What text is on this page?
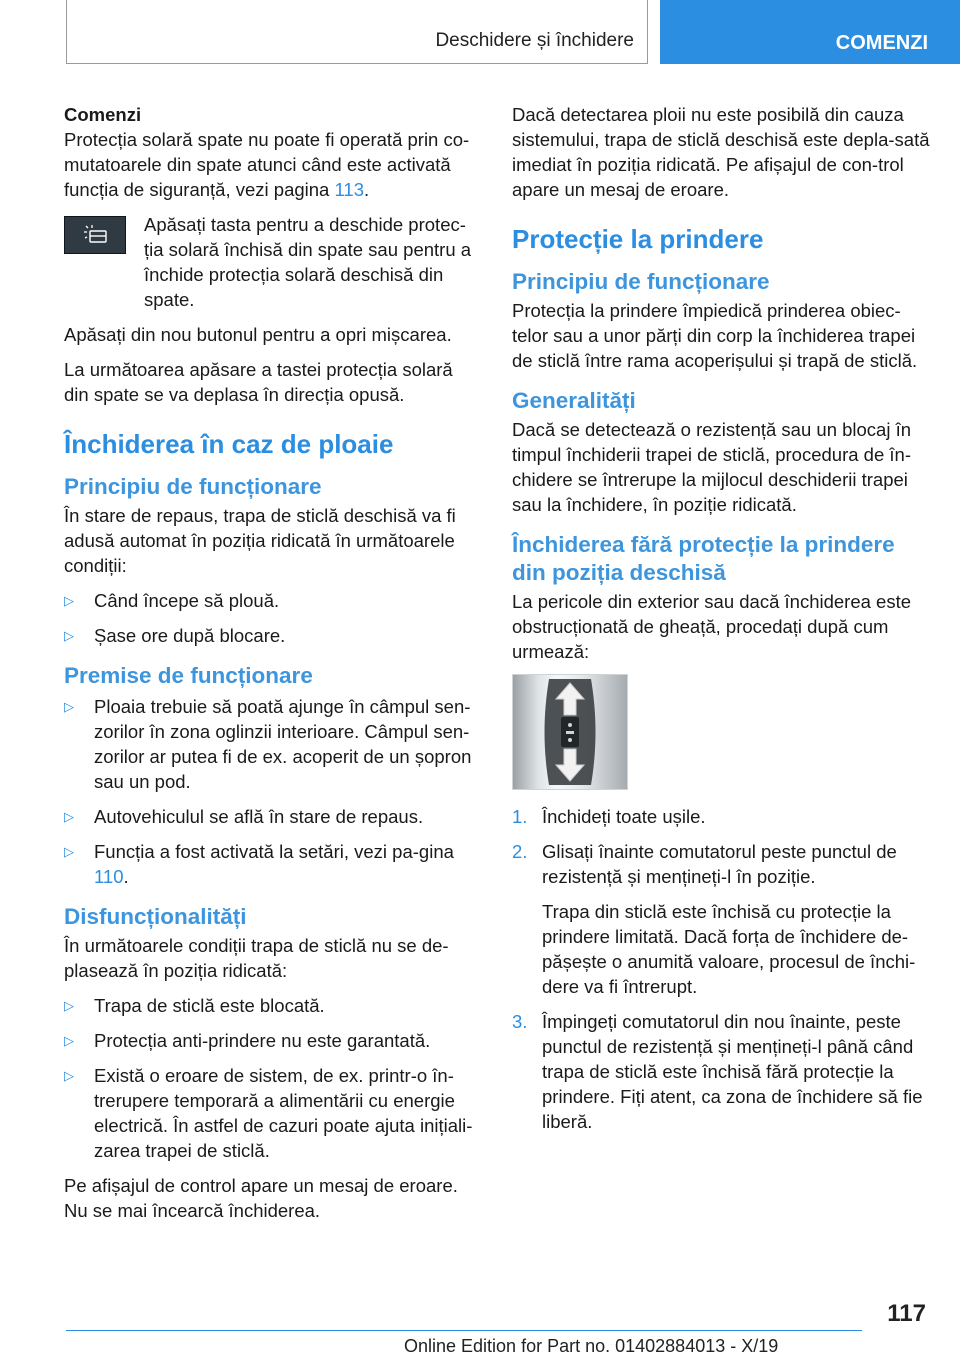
Deschidere și închidere	COMENZI
Comenzi

Protecția solară spate nu poate fi operată prin co‐mutatoarele din spate atunci când este activată funcția de siguranță, vezi pagina 113.

Apăsați tasta pentru a deschide protec‐ția solară închisă din spate sau pentru a închide protecția solară deschisă din spate.

Apăsați din nou butonul pentru a opri mișcarea.

La următoarea apăsare a tastei protecția solară din spate se va deplasa în direcția opusă.

Închiderea în caz de ploaie
Principiu de funcționare

În stare de repaus, trapa de sticlă deschisă va fi adusă automat în poziția ridicată în următoarele condiții:

▷ Când începe să plouă.
▷ Șase ore după blocare.
Premise de funcționare
▷ Ploaia trebuie să poată ajunge în câmpul sen‐zorilor în zona oglinzii interioare. Câmpul sen‐zorilor ar putea fi de ex. acoperit de un șopron sau un pod.
▷ Autovehiculul se află în stare de repaus.
▷ Funcția a fost activată la setări, vezi pa‐gina 110.
Disfuncționalități

În următoarele condiții trapa de sticlă nu se de‐plasează în poziția ridicată:

▷ Trapa de sticlă este blocată.
▷ Protecția anti-prindere nu este garantată.
▷ Există o eroare de sistem, de ex. printr-o în‐trerupere temporară a alimentării cu energie electrică. În astfel de cazuri poate ajuta inițiali‐zarea trapei de sticlă.

Pe afișajul de control apare un mesaj de eroare. Nu se mai încearcă închiderea.

Dacă detectarea ploii nu este posibilă din cauza sistemului, trapa de sticlă deschisă este depla‐sată imediat în poziția ridicată. Pe afișajul de con‐trol apare un mesaj de eroare.

Protecție la prindere
Principiu de funcționare

Protecția la prindere împiedică prinderea obiec‐telor sau a unor părți din corp la închiderea trapei de sticlă între rama acoperișului și trapă de sticlă.

Generalități

Dacă se detectează o rezistență sau un blocaj în timpul închiderii trapei de sticlă, procedura de în‐chidere se întrerupe la mijlocul deschiderii trapei sau la închidere, în poziție ridicată.

Închiderea fără protecție la prindere din poziția deschisă

La pericole din exterior sau dacă închiderea este obstrucționată de gheață, procedați după cum urmează:

1. Închideți toate ușile.
2. Glisați înainte comutatorul peste punctul de rezistență și mențineți-l în poziție.
Trapa din sticlă este închisă cu protecție la prindere limitată. Dacă forța de închidere de‐pășește o anumită valoare, procesul de închi‐dere va fi întrerupt.
3. Împingeți comutatorul din nou înainte, peste punctul de rezistență și mențineți-l până când trapa de sticlă este închisă fără protecție la prindere. Fiți atent, ca zona de închidere să fie liberă.
117
Online Edition for Part no. 01402884013 - X/19
